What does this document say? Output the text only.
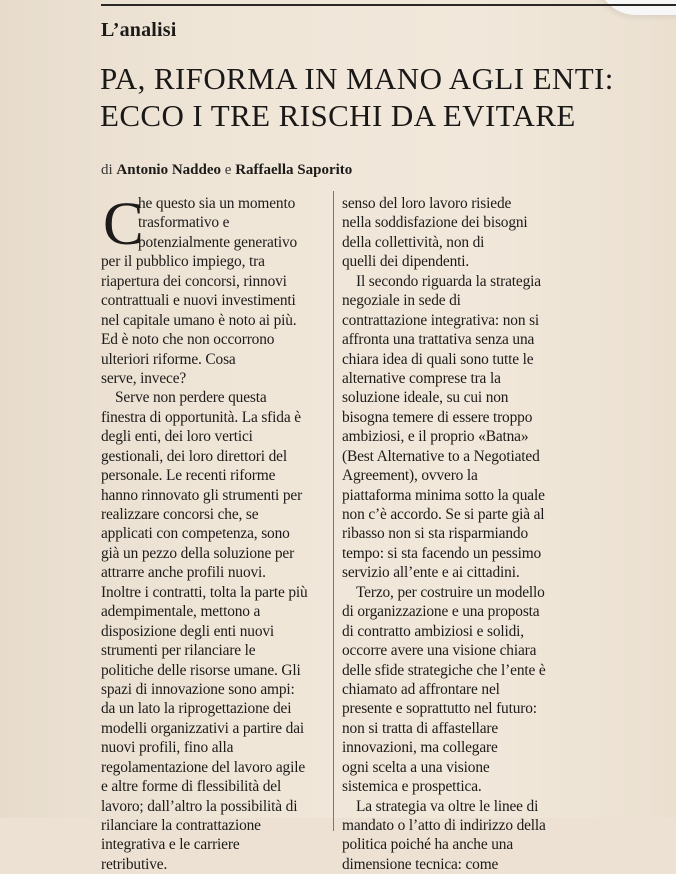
L’analisi
PA, RIFORMA IN MANO AGLI ENTI:
ECCO I TRE RISCHI DA EVITARE
di Antonio Naddeo e Raffaella Saporito
C
he questo sia un momento
trasformativo e
potenzialmente generativo
per il pubblico impiego, tra
riapertura dei concorsi, rinnovi
contrattuali e nuovi investimenti
nel capitale umano è noto ai più.
Ed è noto che non occorrono
ulteriori riforme. Cosa
serve, invece?
Serve non perdere questa
finestra di opportunità. La sfida è
degli enti, dei loro vertici
gestionali, dei loro direttori del
personale. Le recenti riforme
hanno rinnovato gli strumenti per
realizzare concorsi che, se
applicati con competenza, sono
già un pezzo della soluzione per
attrarre anche profili nuovi.
Inoltre i contratti, tolta la parte più
adempimentale, mettono a
disposizione degli enti nuovi
strumenti per rilanciare le
politiche delle risorse umane. Gli
spazi di innovazione sono ampi:
da un lato la riprogettazione dei
modelli organizzativi a partire dai
nuovi profili, fino alla
regolamentazione del lavoro agile
e altre forme di flessibilità del
lavoro; dall’altro la possibilità di
rilanciare la contrattazione
integrativa e le carriere
retributive.
senso del loro lavoro risiede
nella soddisfazione dei bisogni
della collettività, non di
quelli dei dipendenti.
Il secondo riguarda la strategia
negoziale in sede di
contrattazione integrativa: non si
affronta una trattativa senza una
chiara idea di quali sono tutte le
alternative comprese tra la
soluzione ideale, su cui non
bisogna temere di essere troppo
ambiziosi, e il proprio «Batna»
(Best Alternative to a Negotiated
Agreement), ovvero la
piattaforma minima sotto la quale
non c’è accordo. Se si parte già al
ribasso non si sta risparmiando
tempo: si sta facendo un pessimo
servizio all’ente e ai cittadini.
Terzo, per costruire un modello
di organizzazione e una proposta
di contratto ambiziosi e solidi,
occorre avere una visione chiara
delle sfide strategiche che l’ente è
chiamato ad affrontare nel
presente e soprattutto nel futuro:
non si tratta di affastellare
innovazioni, ma collegare
ogni scelta a una visione
sistemica e prospettica.
La strategia va oltre le linee di
mandato o l’atto di indirizzo della
politica poiché ha anche una
dimensione tecnica: come
